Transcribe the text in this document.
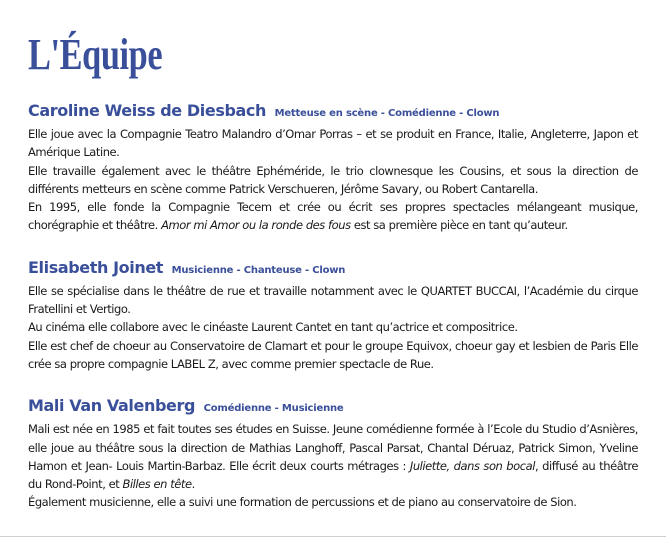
L'Équipe
Caroline Weiss de Diesbach Metteuse en scène - Comédienne - Clown

Elle joue avec la Compagnie Teatro Malandro d’Omar Porras – et se produit en France, Italie, Angleterre, Japon et Amérique Latine.

Elle travaille également avec le théâtre Ephéméride, le trio clownesque les Cousins, et sous la direction de différents metteurs en scène comme Patrick Verschueren, Jérôme Savary, ou Robert Cantarella.

En 1995, elle fonde la Compagnie Tecem et crée ou écrit ses propres spectacles mélangeant musique, chorégraphie et théâtre. Amor mi Amor ou la ronde des fous est sa première pièce en tant qu’auteur.

Elisabeth Joinet Musicienne - Chanteuse - Clown

Elle se spécialise dans le théâtre de rue et travaille notamment avec le QUARTET BUCCAI, l’Académie du cirque Fratellini et Vertigo.

Au cinéma elle collabore avec le cinéaste Laurent Cantet en tant qu’actrice et compositrice.

Elle est chef de choeur au Conservatoire de Clamart et pour le groupe Equivox, choeur gay et lesbien de Paris Elle crée sa propre compagnie LABEL Z, avec comme premier spectacle de Rue.

Mali Van Valenberg Comédienne - Musicienne

Mali est née en 1985 et fait toutes ses études en Suisse. Jeune comédienne formée à l’Ecole du Studio d’Asnières, elle joue au théâtre sous la direction de Mathias Langhoff, Pascal Parsat, Chantal Déruaz, Patrick Simon, Yveline Hamon et Jean- Louis Martin-Barbaz. Elle écrit deux courts métrages : Juliette, dans son bocal, diffusé au théâtre du Rond-Point, et Billes en tête.

Également musicienne, elle a suivi une formation de percussions et de piano au conservatoire de Sion.
